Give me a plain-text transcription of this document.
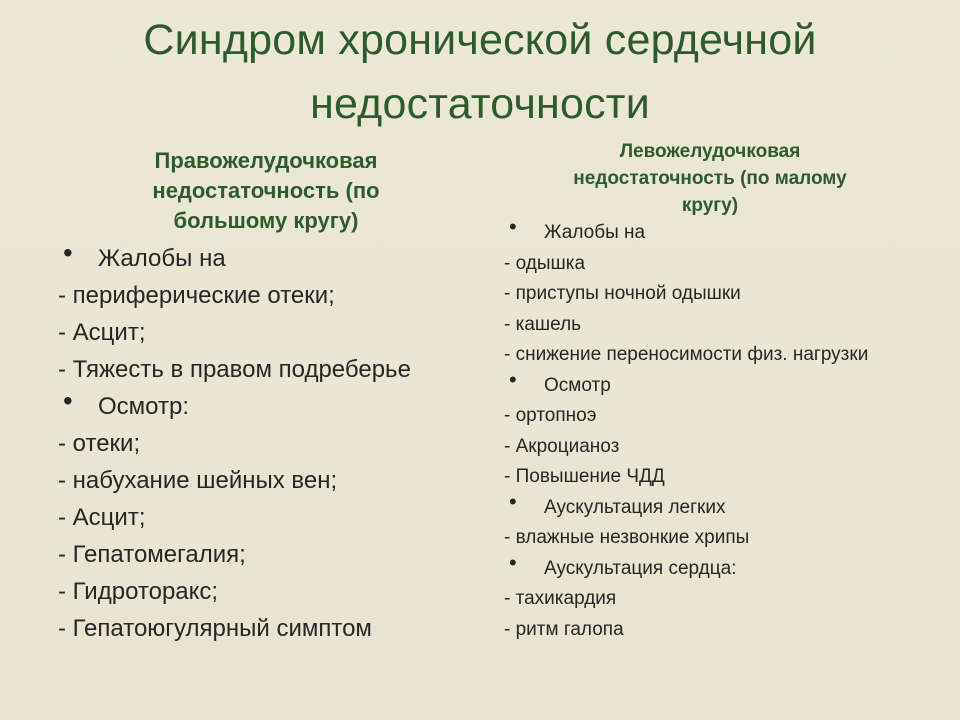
Синдром хронической сердечной недостаточности
Правожелудочковая недостаточность (по большому кругу)
• Жалобы на
- периферические отеки;
- Асцит;
- Тяжесть в правом подреберье
• Осмотр:
- отеки;
- набухание шейных вен;
- Асцит;
- Гепатомегалия;
- Гидроторакс;
- Гепатоюгулярный симптом
Левожелудочковая недостаточность (по малому кругу)
• Жалобы на
- одышка
- приступы ночной одышки
- кашель
- снижение переносимости физ. нагрузки
• Осмотр
- ортопноэ
- Акроцианоз
- Повышение ЧДД
• Аускультация легких
- влажные незвонкие хрипы
• Аускультация сердца:
- тахикардия
- ритм галопа
